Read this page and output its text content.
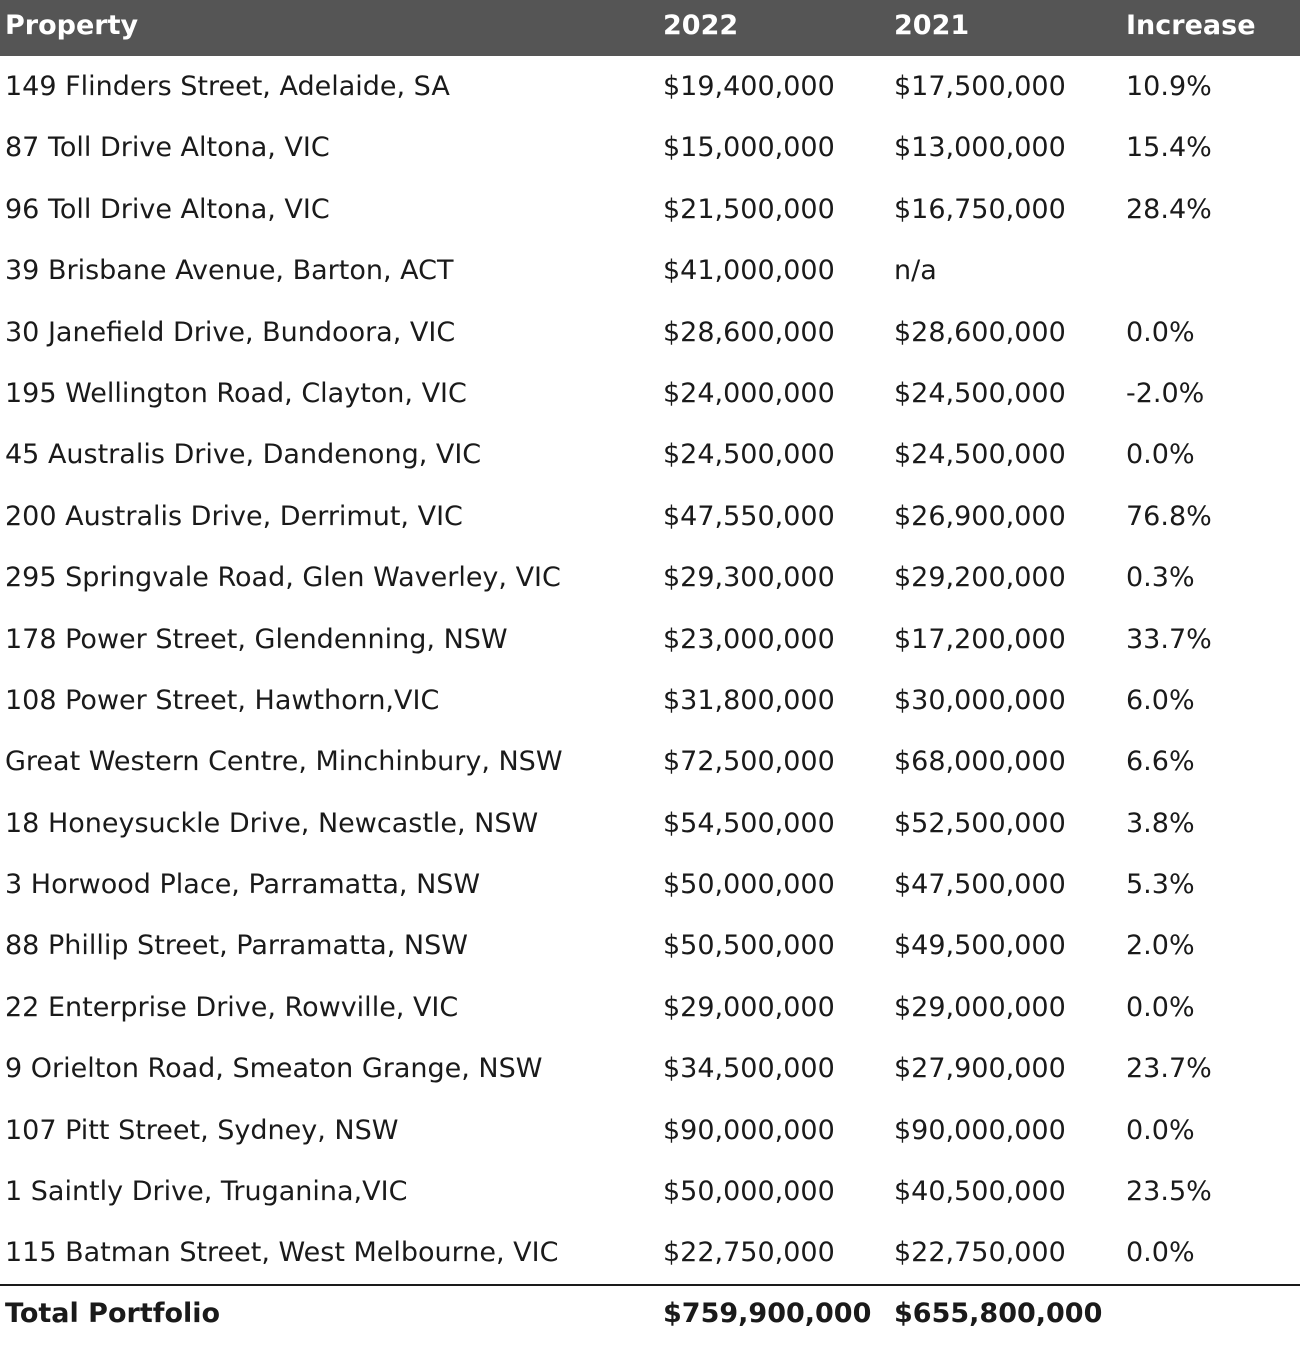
Property	2022	2021	Increase
149 Flinders Street, Adelaide, SA	$19,400,000 $17,500,000 10.9%
87 Toll Drive Altona, VIC	$15,000,000 $13,000,000 15.4%
96 Toll Drive Altona, VIC	$21,500,000 $16,750,000 28.4%
39 Brisbane Avenue, Barton, ACT	$41,000,000 n/a
30 Janefield Drive, Bundoora, VIC	$28,600,000 $28,600,000 0.0%
195 Wellington Road, Clayton, VIC	$24,000,000 $24,500,000 -2.0%
45 Australis Drive, Dandenong, VIC	$24,500,000 $24,500,000 0.0%
200 Australis Drive, Derrimut, VIC	$47,550,000 $26,900,000 76.8%
295 Springvale Road, Glen Waverley, VIC	$29,300,000 $29,200,000 0.3%
178 Power Street, Glendenning, NSW	$23,000,000 $17,200,000 33.7%
108 Power Street, Hawthorn,VIC	$31,800,000 $30,000,000 6.0%
Great Western Centre, Minchinbury, NSW	$72,500,000 $68,000,000 6.6%
18 Honeysuckle Drive, Newcastle, NSW	$54,500,000 $52,500,000 3.8%
3 Horwood Place, Parramatta, NSW	$50,000,000 $47,500,000 5.3%
88 Phillip Street, Parramatta, NSW	$50,500,000 $49,500,000 2.0%
22 Enterprise Drive, Rowville, VIC	$29,000,000 $29,000,000 0.0%
9 Orielton Road, Smeaton Grange, NSW	$34,500,000 $27,900,000 23.7%
107 Pitt Street, Sydney, NSW	$90,000,000 $90,000,000 0.0%
1 Saintly Drive, Truganina,VIC	$50,000,000 $40,500,000 23.5%
115 Batman Street, West Melbourne, VIC	$22,750,000 $22,750,000 0.0%
Total Portfolio	$759,900,000 $655,800,000
